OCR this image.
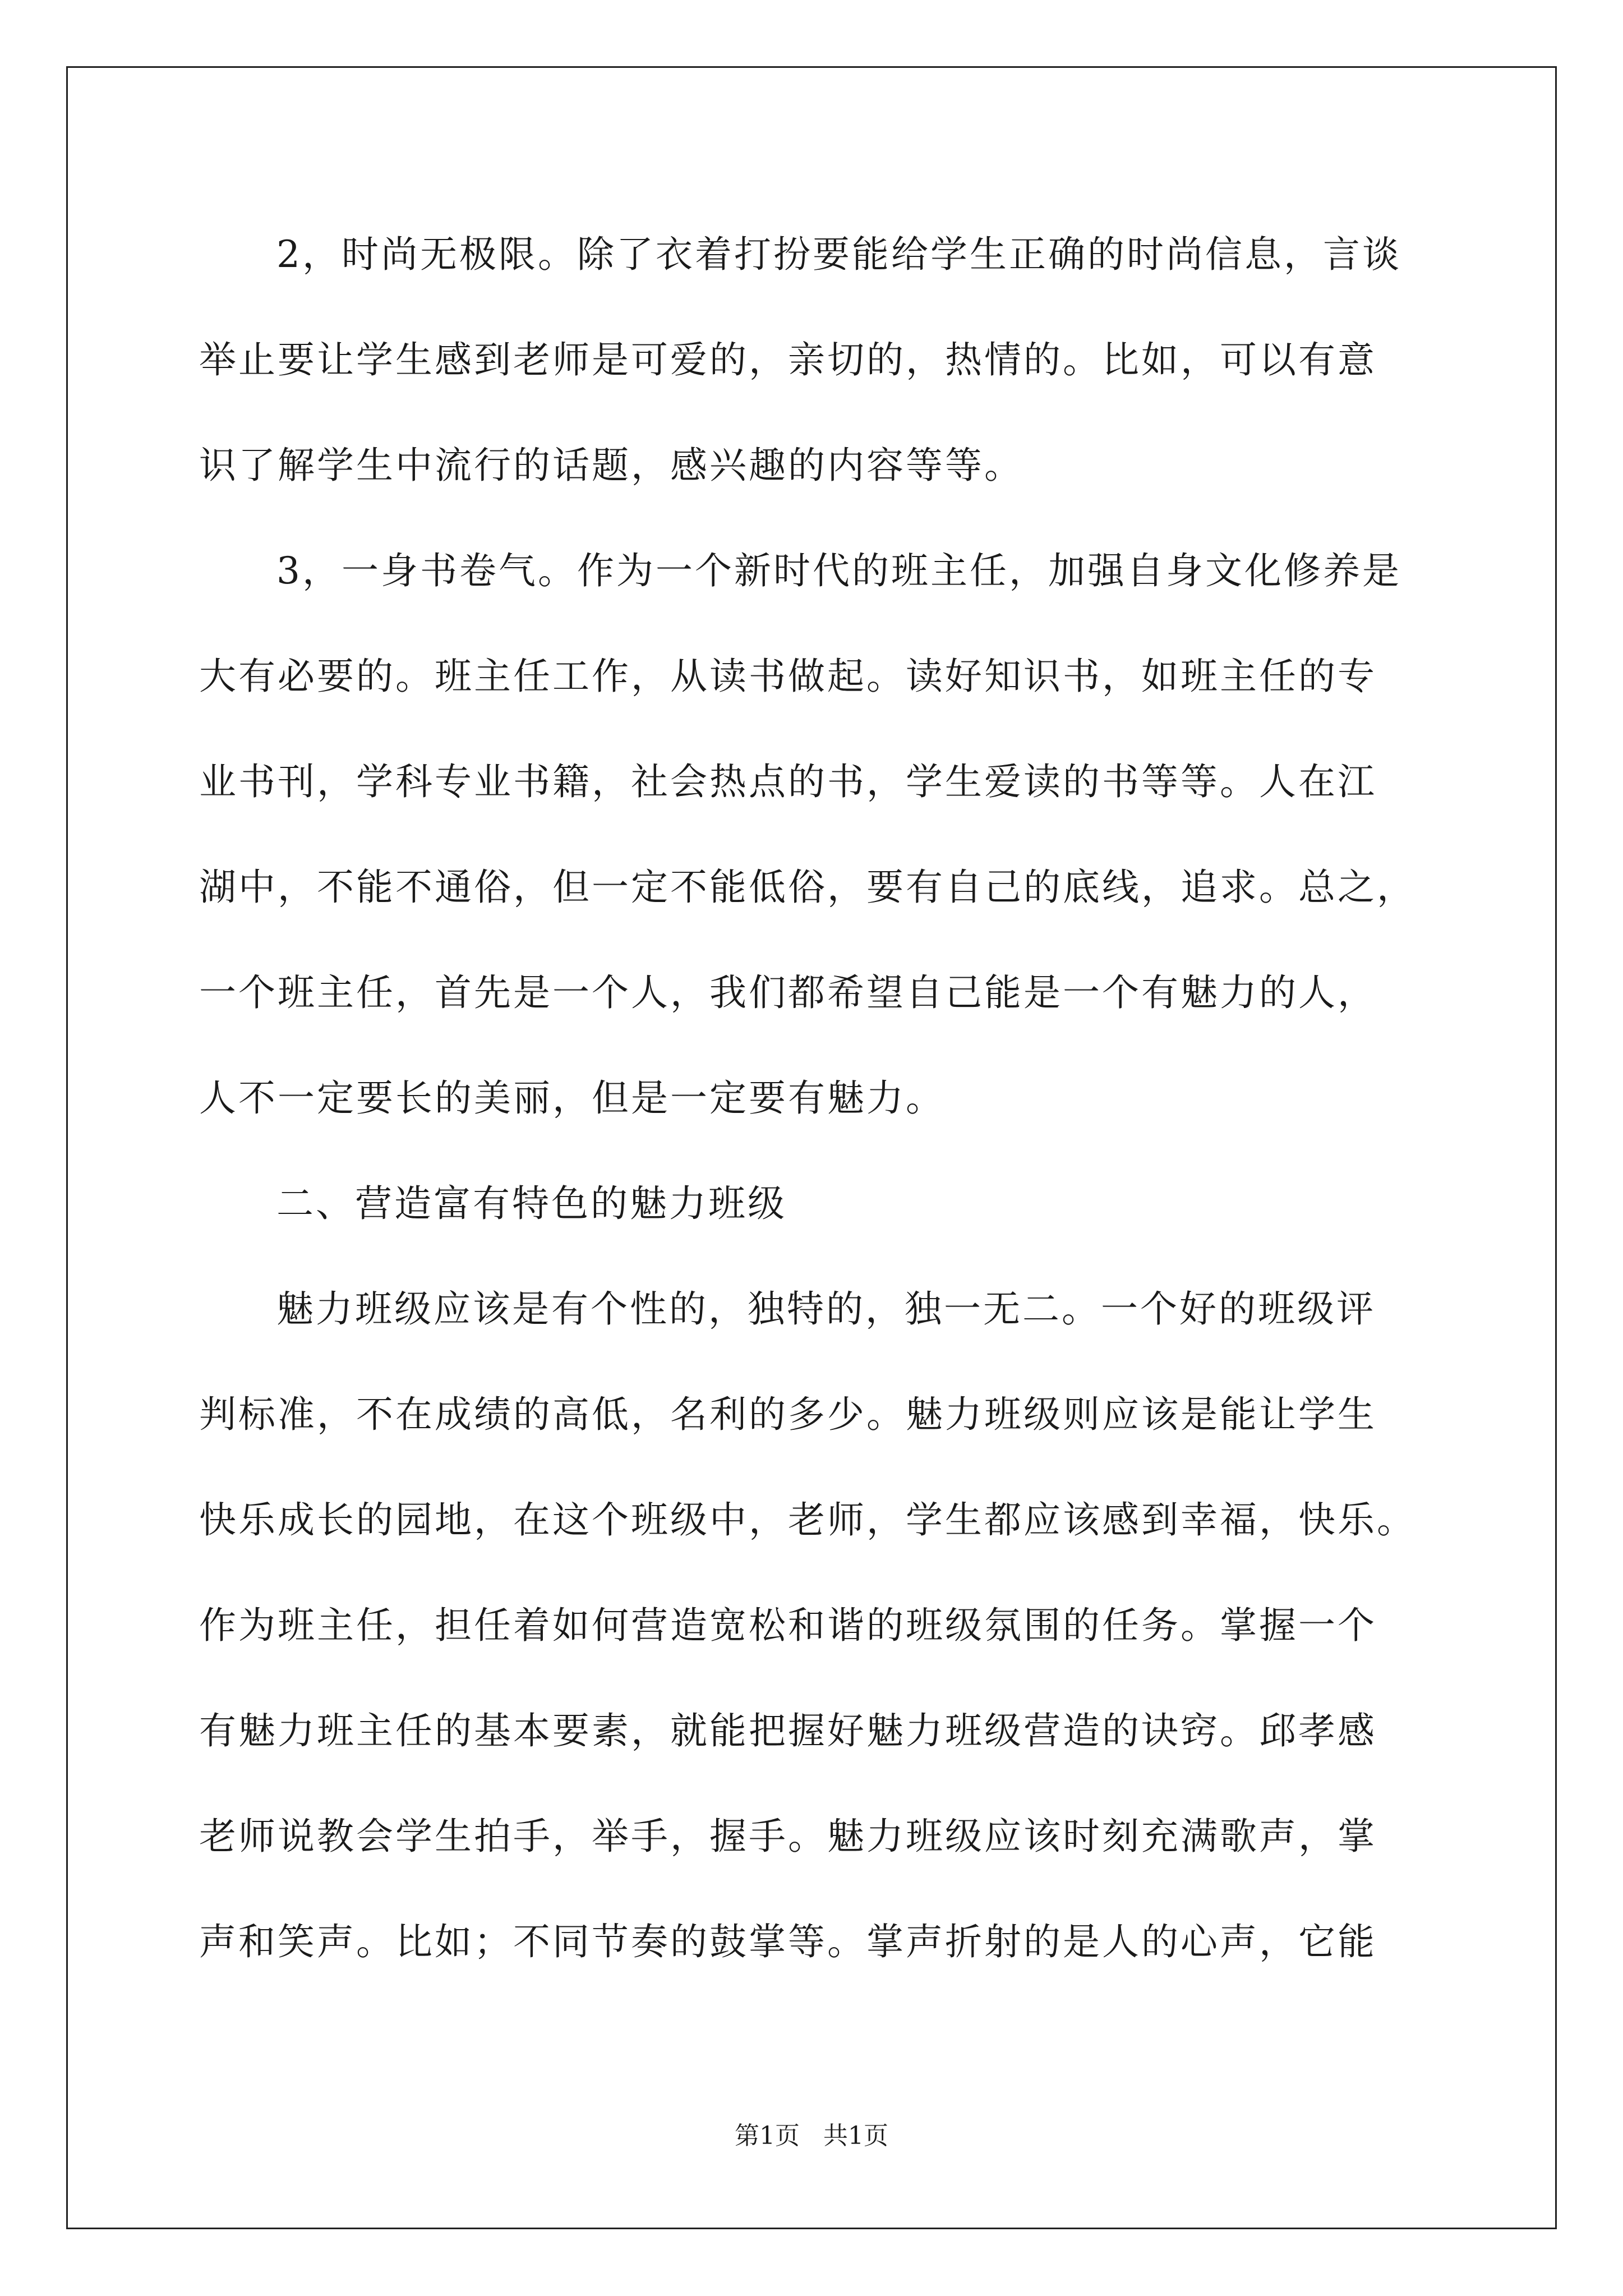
2，时尚无极限。除了衣着打扮要能给学生正确的时尚信息，言谈
举止要让学生感到老师是可爱的，亲切的，热情的。比如，可以有意
识了解学生中流行的话题，感兴趣的内容等等。
3，一身书卷气。作为一个新时代的班主任，加强自身文化修养是
大有必要的。班主任工作，从读书做起。读好知识书，如班主任的专
业书刊，学科专业书籍，社会热点的书，学生爱读的书等等。人在江
湖中，不能不通俗，但一定不能低俗，要有自己的底线，追求。总之，
一个班主任，首先是一个人，我们都希望自己能是一个有魅力的人，
人不一定要长的美丽，但是一定要有魅力。
二、营造富有特色的魅力班级
魅力班级应该是有个性的，独特的，独一无二。一个好的班级评
判标准，不在成绩的高低，名利的多少。魅力班级则应该是能让学生
快乐成长的园地，在这个班级中，老师，学生都应该感到幸福，快乐。
作为班主任，担任着如何营造宽松和谐的班级氛围的任务。掌握一个
有魅力班主任的基本要素，就能把握好魅力班级营造的诀窍。邱孝感
老师说教会学生拍手，举手，握手。魅力班级应该时刻充满歌声，掌
声和笑声。比如；不同节奏的鼓掌等。掌声折射的是人的心声，它能
第1页   共1页
